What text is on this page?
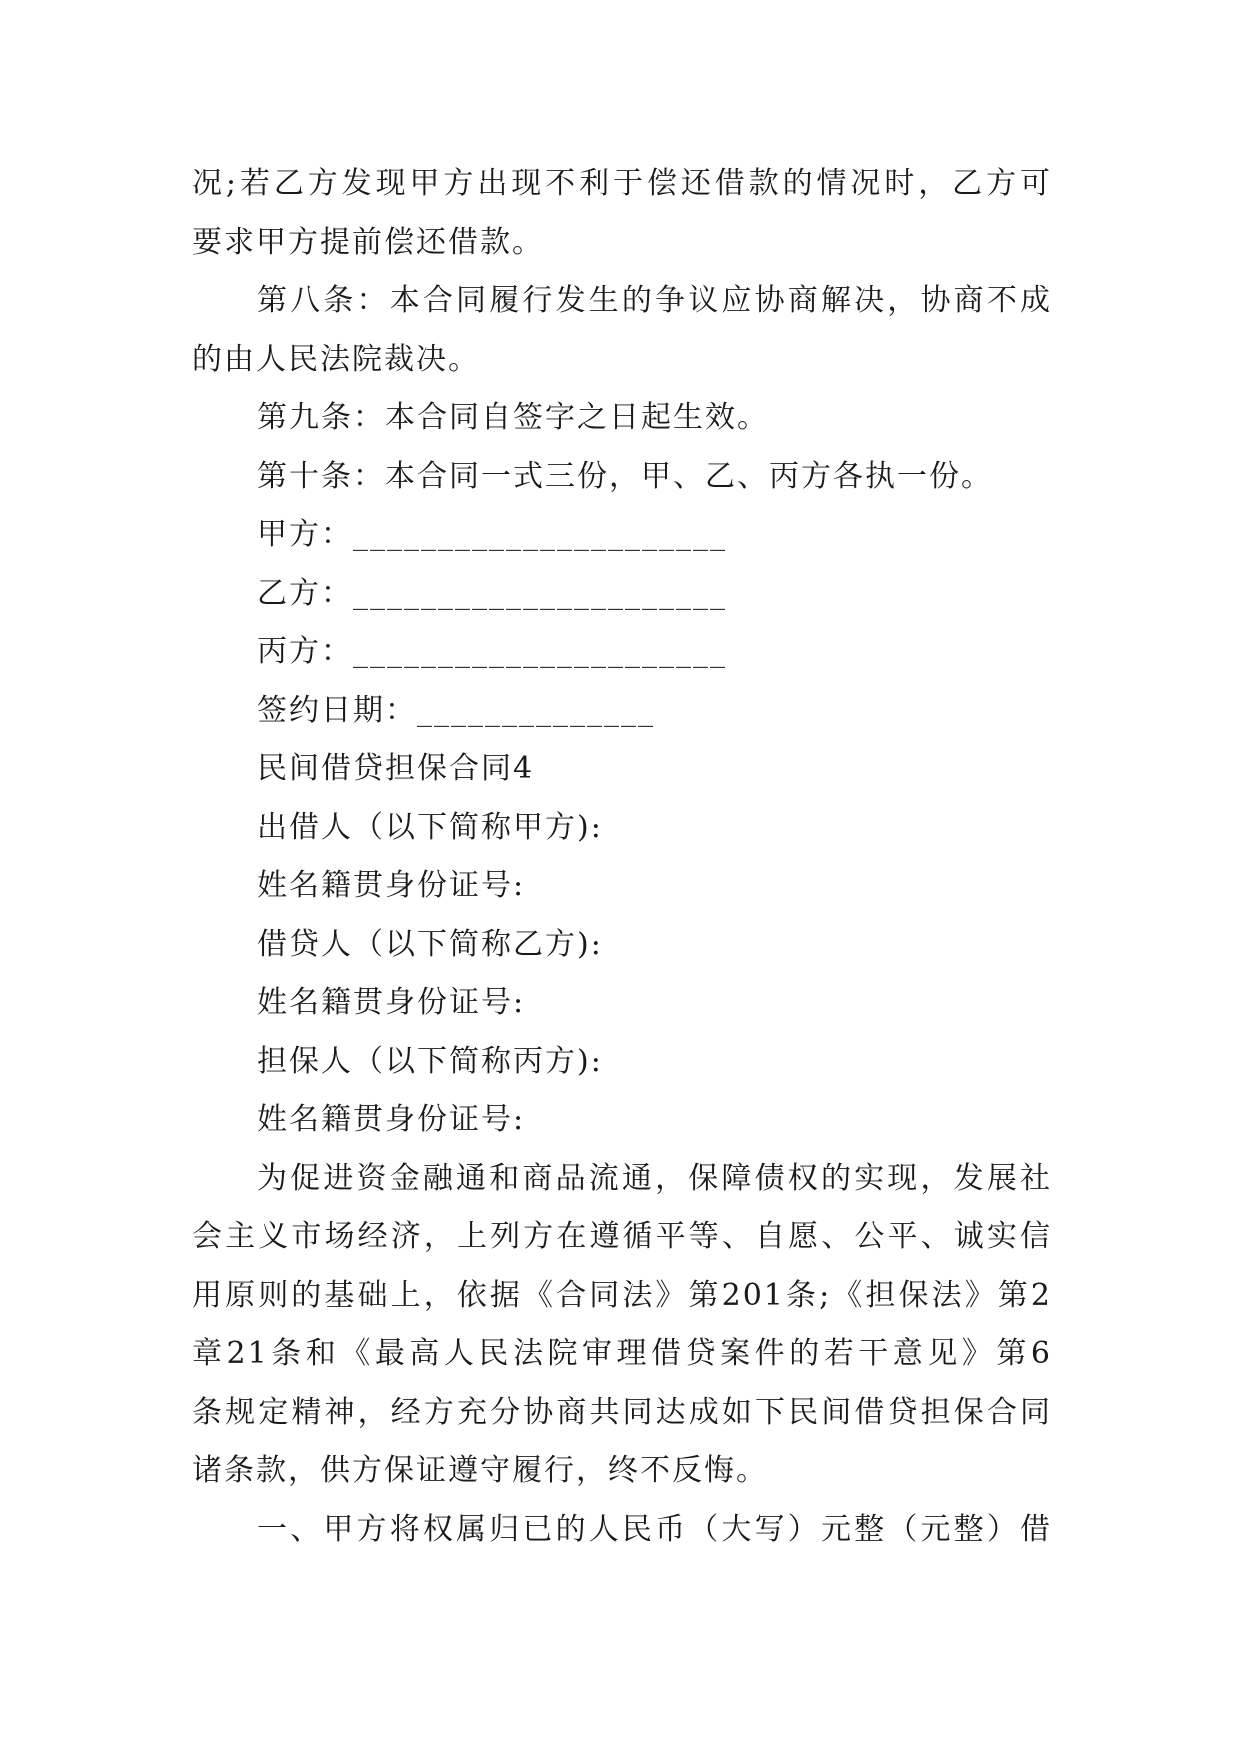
况;若乙方发现甲方出现不利于偿还借款的情况时，乙方可
要求甲方提前偿还借款。
第八条：本合同履行发生的争议应协商解决，协商不成
的由人民法院裁决。
第九条：本合同自签字之日起生效。
第十条：本合同一式三份，甲、乙、丙方各执一份。
甲方：______________________
乙方：______________________
丙方：______________________
签约日期：______________
民间借贷担保合同4
出借人（以下简称甲方):
姓名籍贯身份证号:
借贷人（以下简称乙方):
姓名籍贯身份证号:
担保人（以下简称丙方):
姓名籍贯身份证号:
为促进资金融通和商品流通，保障债权的实现，发展社
会主义市场经济，上列方在遵循平等、自愿、公平、诚实信
用原则的基础上，依据《合同法》第201条;《担保法》第2
章21条和《最高人民法院审理借贷案件的若干意见》第6
条规定精神，经方充分协商共同达成如下民间借贷担保合同
诸条款，供方保证遵守履行，终不反悔。
一、甲方将权属归已的人民币（大写）元整（元整）借
